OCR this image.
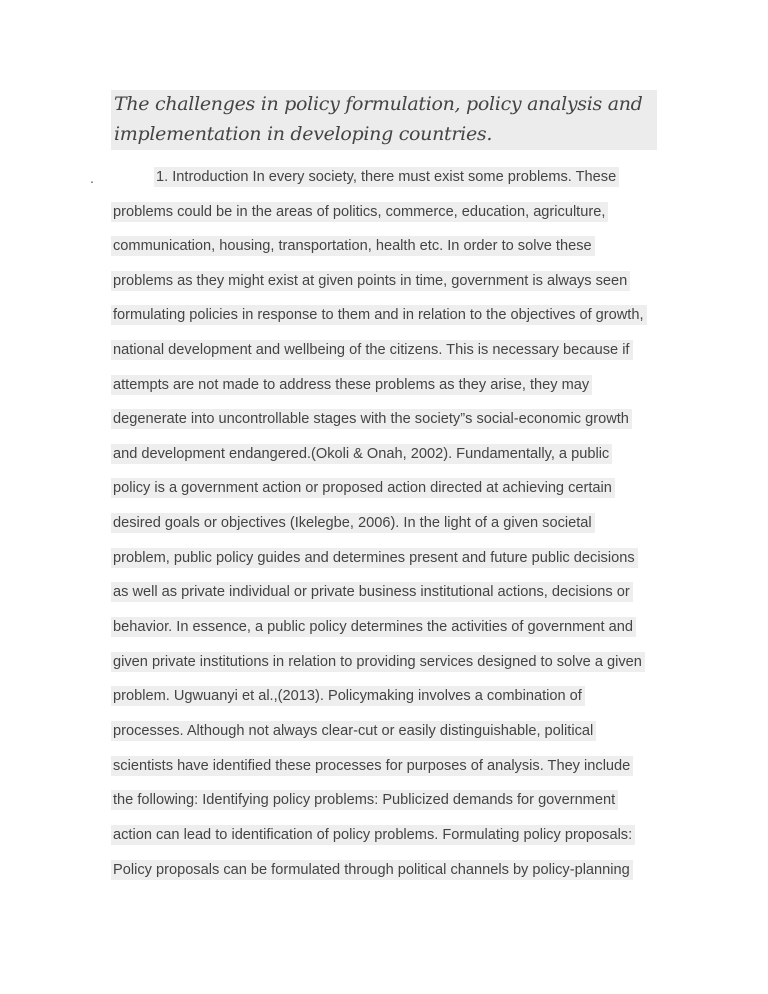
The challenges in policy formulation, policy analysis and
implementation in developing countries.
.	1. Introduction In every society, there must exist some problems. These
problems could be in the areas of politics, commerce, education, agriculture,
communication, housing, transportation, health etc. In order to solve these
problems as they might exist at given points in time, government is always seen
formulating policies in response to them and in relation to the objectives of growth,
national development and wellbeing of the citizens. This is necessary because if
attempts are not made to address these problems as they arise, they may
degenerate into uncontrollable stages with the society”s social-economic growth
and development endangered.(Okoli & Onah, 2002). Fundamentally, a public
policy is a government action or proposed action directed at achieving certain
desired goals or objectives (Ikelegbe, 2006). In the light of a given societal
problem, public policy guides and determines present and future public decisions
as well as private individual or private business institutional actions, decisions or
behavior. In essence, a public policy determines the activities of government and
given private institutions in relation to providing services designed to solve a given
problem. Ugwuanyi et al.,(2013). Policymaking involves a combination of
processes. Although not always clear-cut or easily distinguishable, political
scientists have identified these processes for purposes of analysis. They include
the following: Identifying policy problems: Publicized demands for government
action can lead to identification of policy problems. Formulating policy proposals:
Policy proposals can be formulated through political channels by policy-planning
